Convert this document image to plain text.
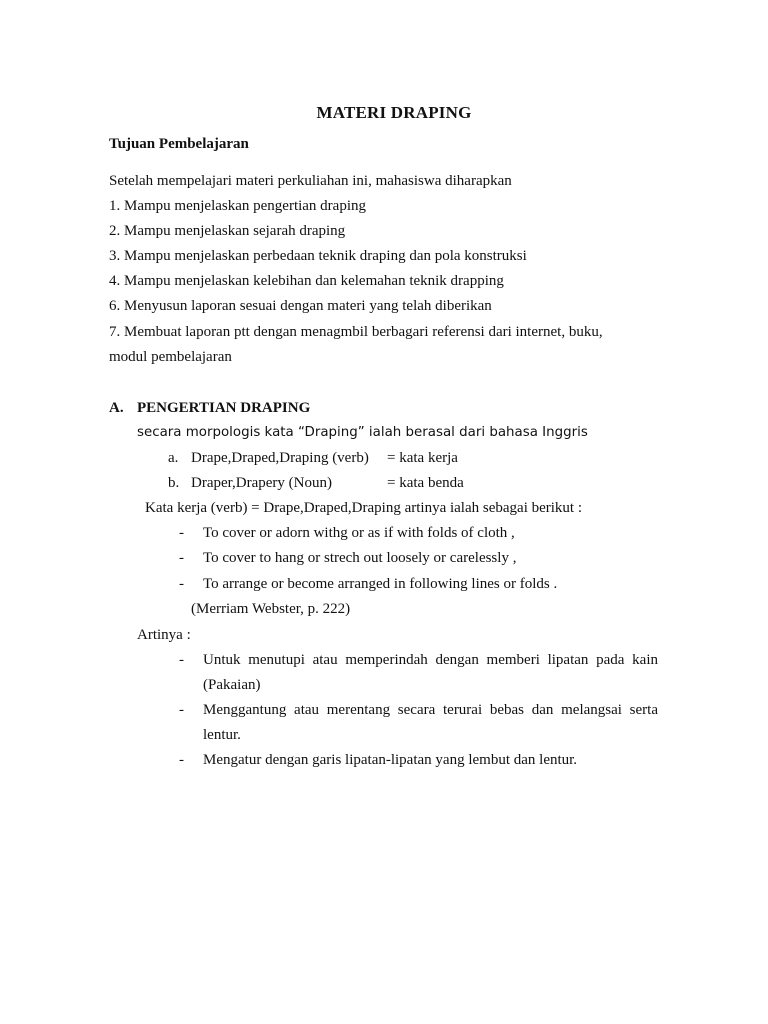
MATERI DRAPING
Tujuan Pembelajaran
Setelah mempelajari materi perkuliahan ini, mahasiswa diharapkan
1. Mampu menjelaskan pengertian draping
2. Mampu menjelaskan sejarah draping
3. Mampu menjelaskan perbedaan teknik draping dan pola konstruksi
4. Mampu menjelaskan kelebihan dan kelemahan teknik drapping
6. Menyusun laporan sesuai dengan materi yang telah diberikan
7. Membuat laporan ptt dengan menagmbil berbagari referensi dari internet, buku,
modul pembelajaran
A. PENGERTIAN DRAPING
secara morpologis kata “Draping” ialah berasal dari bahasa Inggris
a. Drape,Draped,Draping (verb) = kata kerja
b. Draper,Drapery (Noun)	= kata benda
Kata kerja (verb) = Drape,Draped,Draping artinya ialah sebagai berikut :
- To cover or adorn withg or as if with folds of cloth ,
- To cover to hang or strech out loosely or carelessly ,
- To arrange or become arranged in following lines or folds .
(Merriam Webster, p. 222)
Artinya :
- Untuk menutupi atau memperindah dengan memberi lipatan pada kain
(Pakaian)
- Menggantung atau merentang secara terurai bebas dan melangsai serta
lentur.
- Mengatur dengan garis lipatan-lipatan yang lembut dan lentur.
